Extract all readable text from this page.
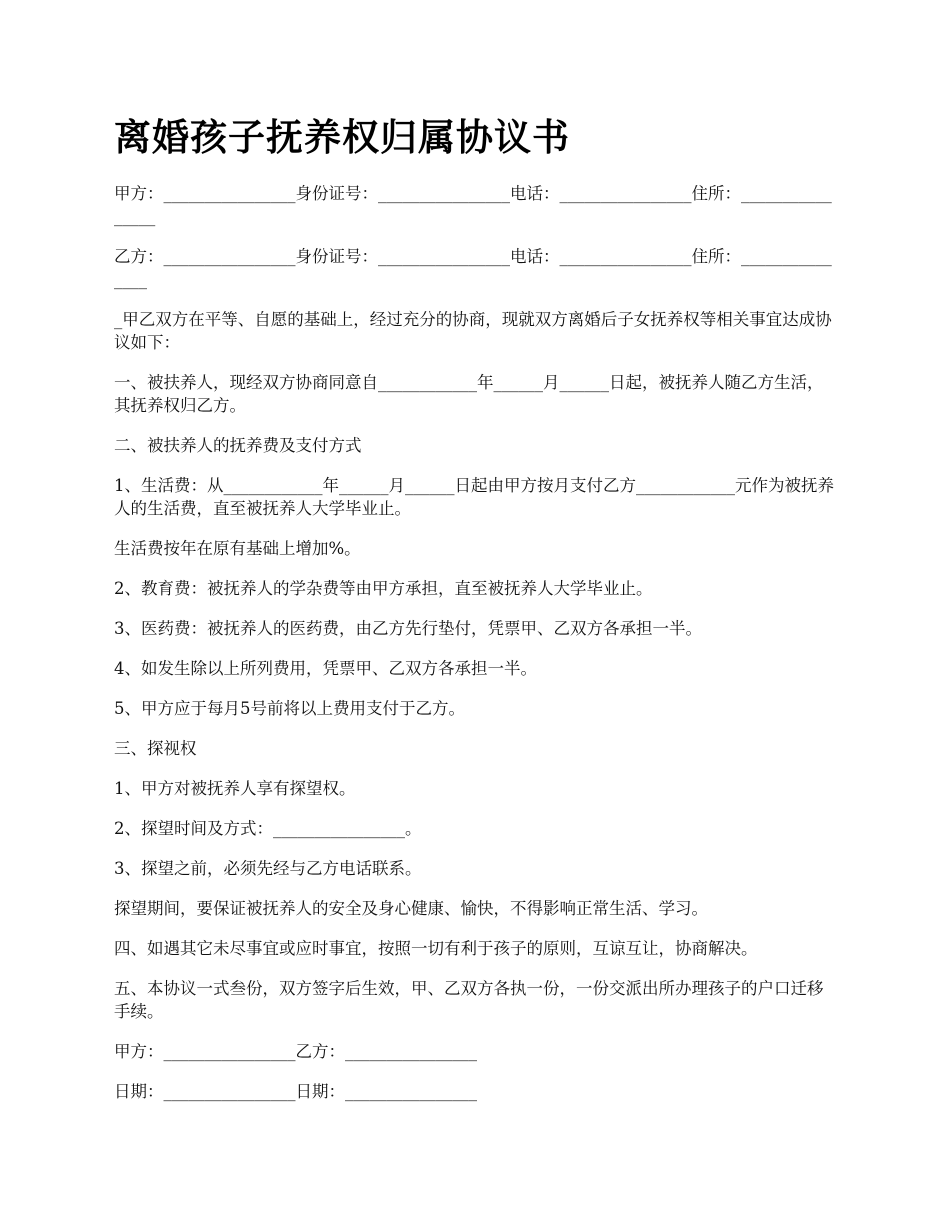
离婚孩子抚养权归属协议书
甲方：________________身份证号：________________电话：________________住所：________________
乙方：________________身份证号：________________电话：________________住所：_______________
_甲乙双方在平等、自愿的基础上，经过充分的协商，现就双方离婚后子女抚养权等相关事宜达成协议如下：
一、被扶养人，现经双方协商同意自____________年______月______日起，被抚养人随乙方生活，其抚养权归乙方。
二、被扶养人的抚养费及支付方式
1、生活费：从____________年______月______日起由甲方按月支付乙方____________元作为被抚养人的生活费，直至被抚养人大学毕业止。
生活费按年在原有基础上增加%。
2、教育费：被抚养人的学杂费等由甲方承担，直至被抚养人大学毕业止。
3、医药费：被抚养人的医药费，由乙方先行垫付，凭票甲、乙双方各承担一半。
4、如发生除以上所列费用，凭票甲、乙双方各承担一半。
5、甲方应于每月5号前将以上费用支付于乙方。
三、探视权
1、甲方对被抚养人享有探望权。
2、探望时间及方式：________________。
3、探望之前，必须先经与乙方电话联系。
探望期间，要保证被抚养人的安全及身心健康、愉快，不得影响正常生活、学习。
四、如遇其它未尽事宜或应时事宜，按照一切有利于孩子的原则，互谅互让，协商解决。
五、本协议一式叁份，双方签字后生效，甲、乙双方各执一份，一份交派出所办理孩子的户口迁移手续。
甲方：________________乙方：________________
日期：________________日期：________________
